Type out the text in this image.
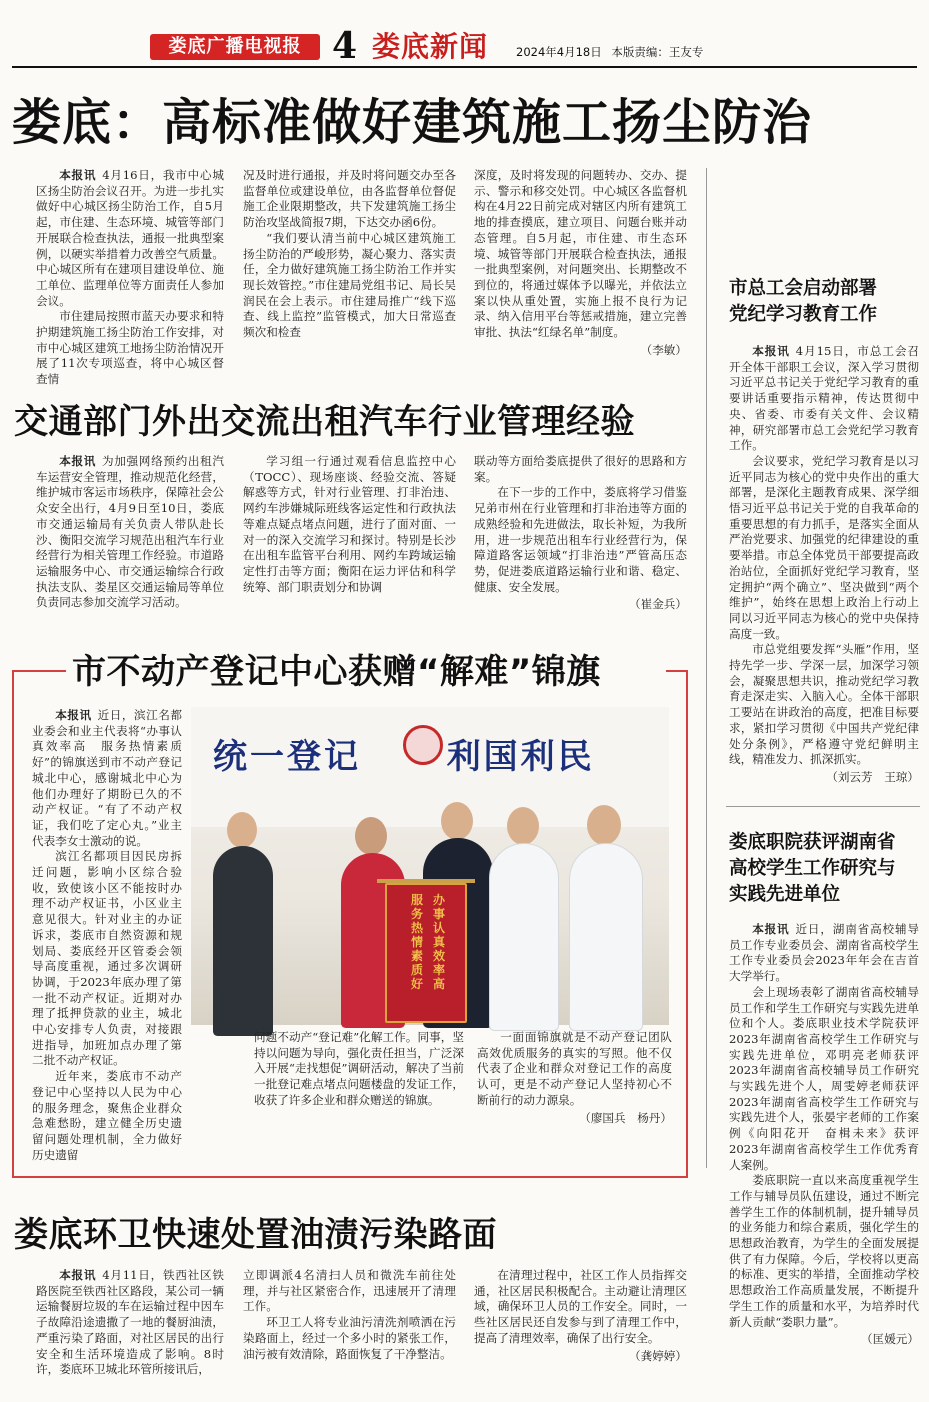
娄底广播电视报 4 娄底新闻 2024年4月18日 本版责编：王友专
娄底：高标准做好建筑施工扬尘防治

本报讯 4月16日，我市中心城区扬尘防治会议召开。为进一步扎实做好中心城区扬尘防治工作，自5月起，市住建、生态环境、城管等部门开展联合检查执法，通报一批典型案例，以硬实举措着力改善空气质量。中心城区所有在建项目建设单位、施工单位、监理单位等方面责任人参加会议。

市住建局按照市蓝天办要求和特护期建筑施工扬尘防治工作安排，对市中心城区建筑工地扬尘防治情况开展了11次专项巡查，将中心城区督查情

况及时进行通报，并及时将问题交办至各监督单位或建设单位，由各监督单位督促施工企业限期整改，共下发建筑施工扬尘防治攻坚战简报7期，下达交办函6份。

“我们要认清当前中心城区建筑施工扬尘防治的严峻形势，凝心聚力、落实责任，全力做好建筑施工扬尘防治工作并实现长效管控。”市住建局党组书记、局长吴润民在会上表示。市住建局推广“线下巡查、线上监控”监管模式，加大日常巡查频次和检查

深度，及时将发现的问题转办、交办、提示、警示和移交处罚。中心城区各监督机构在4月22日前完成对辖区内所有建筑工地的排查摸底，建立项目、问题台账并动态管理。自5月起，市住建、市生态环境、城管等部门开展联合检查执法，通报一批典型案例，对问题突出、长期整改不到位的，将通过媒体予以曝光，并依法立案以快从重处置，实施上报不良行为记录、纳入信用平台等惩戒措施，建立完善审批、执法“红绿名单”制度。

（李敏）
交通部门外出交流出租汽车行业管理经验

本报讯 为加强网络预约出租汽车运营安全管理，推动规范化经营，维护城市客运市场秩序，保障社会公众安全出行，4月9日至10日，娄底市交通运输局有关负责人带队赴长沙、衡阳交流学习规范出租汽车行业经营行为相关管理工作经验。市道路运输服务中心、市交通运输综合行政执法支队、娄星区交通运输局等单位负责同志参加交流学习活动。

学习组一行通过观看信息监控中心（TOCC）、现场座谈、经验交流、答疑解惑等方式，针对行业管理、打非治违、网约车涉嫌城际班线客运定性和行政执法等难点疑点堵点问题，进行了面对面、一对一的深入交流学习和探讨。特别是长沙在出租车监管平台利用、网约车跨域运输定性打击等方面；衡阳在运力评估和科学统筹、部门职责划分和协调

联动等方面给娄底提供了很好的思路和方案。

在下一步的工作中，娄底将学习借鉴兄弟市州在行业管理和打非治违等方面的成熟经验和先进做法，取长补短，为我所用，进一步规范出租车行业经营行为，保障道路客运领域“打非治违”严管高压态势，促进娄底道路运输行业和谐、稳定、健康、安全发展。

（崔金兵）
市不动产登记中心获赠“解难”锦旗

本报讯 近日，滨江名都业委会和业主代表将“办事认真效率高　服务热情素质好”的锦旗送到市不动产登记城北中心，感谢城北中心为他们办理好了期盼已久的不动产权证。“有了不动产权证，我们吃了定心丸。”业主代表李女士激动的说。

滨江名都项目因民房拆迁问题，影响小区综合验收，致使该小区不能按时办理不动产权证书，小区业主意见很大。针对业主的办证诉求，娄底市自然资源和规划局、娄底经开区管委会领导高度重视，通过多次调研协调，于2023年底办理了第一批不动产权证。近期对办理了抵押贷款的业主，城北中心安排专人负责，对接跟进指导，加班加点办理了第二批不动产权证。

近年来，娄底市不动产登记中心坚持以人民为中心的服务理念，聚焦企业群众急难愁盼，建立健全历史遗留问题处理机制，全力做好历史遗留

统一登记	利国利民
办事认真效率高
服务热情素质好

问题不动产“登记难”化解工作。同事，坚持以问题为导向，强化责任担当，广泛深入开展“走找想促”调研活动，解决了当前一批登记难点堵点问题楼盘的发证工作，收获了许多企业和群众赠送的锦旗。

一面面锦旗就是不动产登记团队高效优质服务的真实的写照。他不仅代表了企业和群众对登记工作的高度认可，更是不动产登记人坚持初心不断前行的动力源泉。

（廖国兵　杨丹）
娄底环卫快速处置油渍污染路面

本报讯 4月11日，铁西社区铁路医院至铁西社区路段，某公司一辆运输餐厨垃圾的车在运输过程中因车子故障沿途遗撒了一地的餐厨油渍，严重污染了路面，对社区居民的出行安全和生活环境造成了影响。8时许，娄底环卫城北环管所接讯后，

立即调派4名清扫人员和微洗车前往处理，并与社区紧密合作，迅速展开了清理工作。

环卫工人将专业油污清洗剂喷洒在污染路面上，经过一个多小时的紧张工作，油污被有效清除，路面恢复了干净整洁。

在清理过程中，社区工作人员指挥交通，社区居民积极配合。主动避让清理区域，确保环卫人员的工作安全。同时，一些社区居民还自发参与到了清理工作中，提高了清理效率，确保了出行安全。

（龚婷婷）
市总工会启动部署
党纪学习教育工作

本报讯 4月15日，市总工会召开全体干部职工会议，深入学习贯彻习近平总书记关于党纪学习教育的重要讲话重要指示精神，传达贯彻中央、省委、市委有关文件、会议精神，研究部署市总工会党纪学习教育工作。

会议要求，党纪学习教育是以习近平同志为核心的党中央作出的重大部署，是深化主题教育成果、深学细悟习近平总书记关于党的自我革命的重要思想的有力抓手，是落实全面从严治党要求、加强党的纪律建设的重要举措。市总全体党员干部要提高政治站位，全面抓好党纪学习教育，坚定拥护“两个确立”、坚决做到“两个维护”，始终在思想上政治上行动上同以习近平同志为核心的党中央保持高度一致。

市总党组要发挥“头雁”作用，坚持先学一步、学深一层，加深学习领会，凝聚思想共识，推动党纪学习教育走深走实、入脑入心。全体干部职工要站在讲政治的高度，把准目标要求，紧扣学习贯彻《中国共产党纪律处分条例》，严格遵守党纪鲜明主线，精准发力、抓深抓实。

（刘云芳　王琼）
娄底职院获评湖南省
高校学生工作研究与
实践先进单位

本报讯 近日，湖南省高校辅导员工作专业委员会、湖南省高校学生工作专业委员会2023年年会在吉首大学举行。

会上现场表彰了湖南省高校辅导员工作和学生工作研究与实践先进单位和个人。娄底职业技术学院获评2023年湖南省高校学生工作研究与实践先进单位，邓明亮老师获评2023年湖南省高校辅导员工作研究与实践先进个人，周雯婷老师获评2023年湖南省高校学生工作研究与实践先进个人，张晏宇老师的工作案例《向阳花开　奋楫未来》获评2023年湖南省高校学生工作优秀育人案例。

娄底职院一直以来高度重视学生工作与辅导员队伍建设，通过不断完善学生工作的体制机制，提升辅导员的业务能力和综合素质，强化学生的思想政治教育，为学生的全面发展提供了有力保障。今后，学校将以更高的标准、更实的举措，全面推动学校思想政治工作高质量发展，不断提升学生工作的质量和水平，为培养时代新人贡献“娄职力量”。

（匡媛元）
